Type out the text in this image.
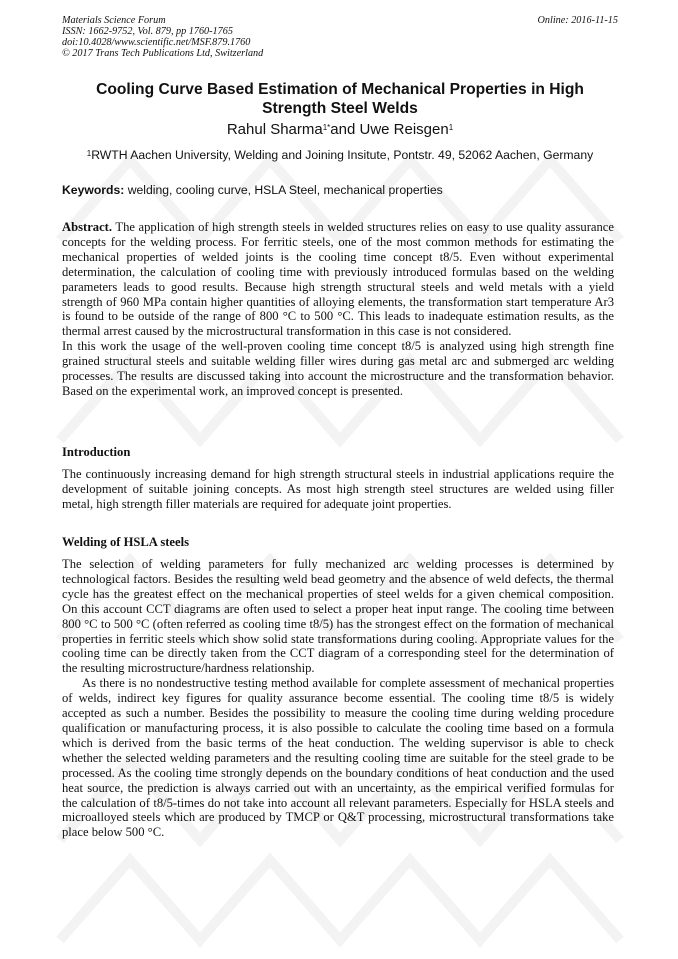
Materials Science Forum
ISSN: 1662-9752, Vol. 879, pp 1760-1765
doi:10.4028/www.scientific.net/MSF.879.1760
© 2017 Trans Tech Publications Ltd, Switzerland
Online: 2016-11-15
Cooling Curve Based Estimation of Mechanical Properties in High Strength Steel Welds
Rahul Sharma$^{1*}$and Uwe Reisgen$^1$
$^1$RWTH Aachen University, Welding and Joining Insitute, Pontstr. 49, 52062 Aachen, Germany
Keywords: welding, cooling curve, HSLA Steel, mechanical properties

Abstract. The application of high strength steels in welded structures relies on easy to use quality assurance concepts for the welding process. For ferritic steels, one of the most common methods for estimating the mechanical properties of welded joints is the cooling time concept t8/5. Even without experimental determination, the calculation of cooling time with previously introduced formulas based on the welding parameters leads to good results. Because high strength structural steels and weld metals with a yield strength of 960 MPa contain higher quantities of alloying elements, the transformation start temperature Ar3 is found to be outside of the range of 800 °C to 500 °C. This leads to inadequate estimation results, as the thermal arrest caused by the microstructural transformation in this case is not considered.

In this work the usage of the well-proven cooling time concept t8/5 is analyzed using high strength fine grained structural steels and suitable welding filler wires during gas metal arc and submerged arc welding processes. The results are discussed taking into account the microstructure and the transformation behavior. Based on the experimental work, an improved concept is presented.

Introduction

The continuously increasing demand for high strength structural steels in industrial applications require the development of suitable joining concepts. As most high strength steel structures are welded using filler metal, high strength filler materials are required for adequate joint properties.

Welding of HSLA steels

The selection of welding parameters for fully mechanized arc welding processes is determined by technological factors. Besides the resulting weld bead geometry and the absence of weld defects, the thermal cycle has the greatest effect on the mechanical properties of steel welds for a given chemical composition. On this account CCT diagrams are often used to select a proper heat input range. The cooling time between 800 °C to 500 °C (often referred as cooling time t8/5) has the strongest effect on the formation of mechanical properties in ferritic steels which show solid state transformations during cooling. Appropriate values for the cooling time can be directly taken from the CCT diagram of a corresponding steel for the determination of the resulting microstructure/hardness relationship.

As there is no nondestructive testing method available for complete assessment of mechanical properties of welds, indirect key figures for quality assurance become essential. The cooling time t8/5 is widely accepted as such a number. Besides the possibility to measure the cooling time during welding procedure qualification or manufacturing process, it is also possible to calculate the cooling time based on a formula which is derived from the basic terms of the heat conduction. The welding supervisor is able to check whether the selected welding parameters and the resulting cooling time are suitable for the steel grade to be processed. As the cooling time strongly depends on the boundary conditions of heat conduction and the used heat source, the prediction is always carried out with an uncertainty, as the empirical verified formulas for the calculation of t8/5-times do not take into account all relevant parameters. Especially for HSLA steels and microalloyed steels which are produced by TMCP or Q&T processing, microstructural transformations take place below 500 °C.
